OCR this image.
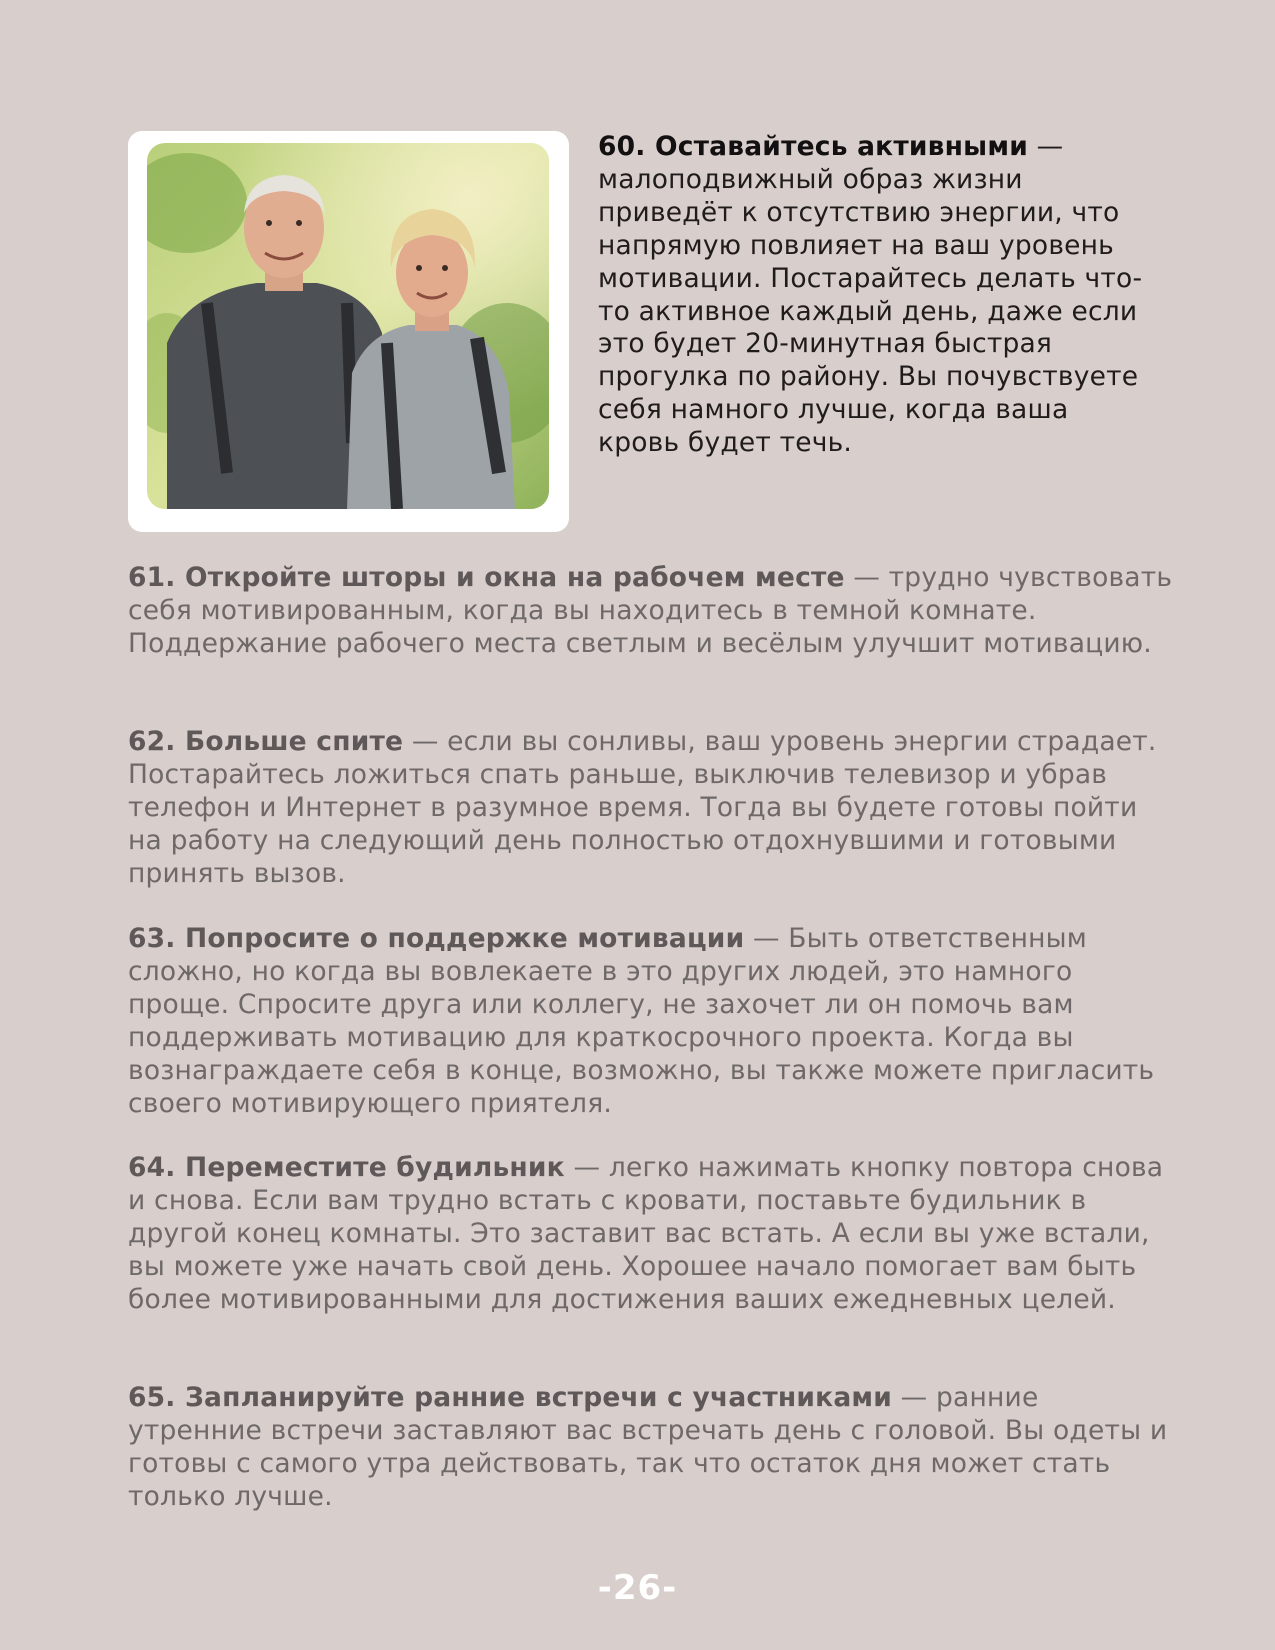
60. Оставайтесь активными — малоподвижный образ жизни приведёт к отсутствию энергии, что напрямую повлияет на ваш уровень мотивации. Постарайтесь делать что-то активное каждый день, даже если это будет 20-минутная быстрая прогулка по району. Вы почувствуете себя намного лучше, когда ваша кровь будет течь.

61. Откройте шторы и окна на рабочем месте — трудно чувствовать себя мотивированным, когда вы находитесь в темной комнате. Поддержание рабочего места светлым и весёлым улучшит мотивацию.

62. Больше спите — если вы сонливы, ваш уровень энергии страдает. Постарайтесь ложиться спать раньше, выключив телевизор и убрав телефон и Интернет в разумное время. Тогда вы будете готовы пойти на работу на следующий день полностью отдохнувшими и готовыми принять вызов.

63. Попросите о поддержке мотивации — Быть ответственным сложно, но когда вы вовлекаете в это других людей, это намного проще. Спросите друга или коллегу, не захочет ли он помочь вам поддерживать мотивацию для краткосрочного проекта. Когда вы вознаграждаете себя в конце, возможно, вы также можете пригласить своего мотивирующего приятеля.

64. Переместите будильник — легко нажимать кнопку повтора снова и снова. Если вам трудно встать с кровати, поставьте будильник в другой конец комнаты. Это заставит вас встать. А если вы уже встали, вы можете уже начать свой день. Хорошее начало помогает вам быть более мотивированными для достижения ваших ежедневных целей.

65. Запланируйте ранние встречи с участниками — ранние утренние встречи заставляют вас встречать день с головой. Вы одеты и готовы с самого утра действовать, так что остаток дня может стать только лучше.

-26-
